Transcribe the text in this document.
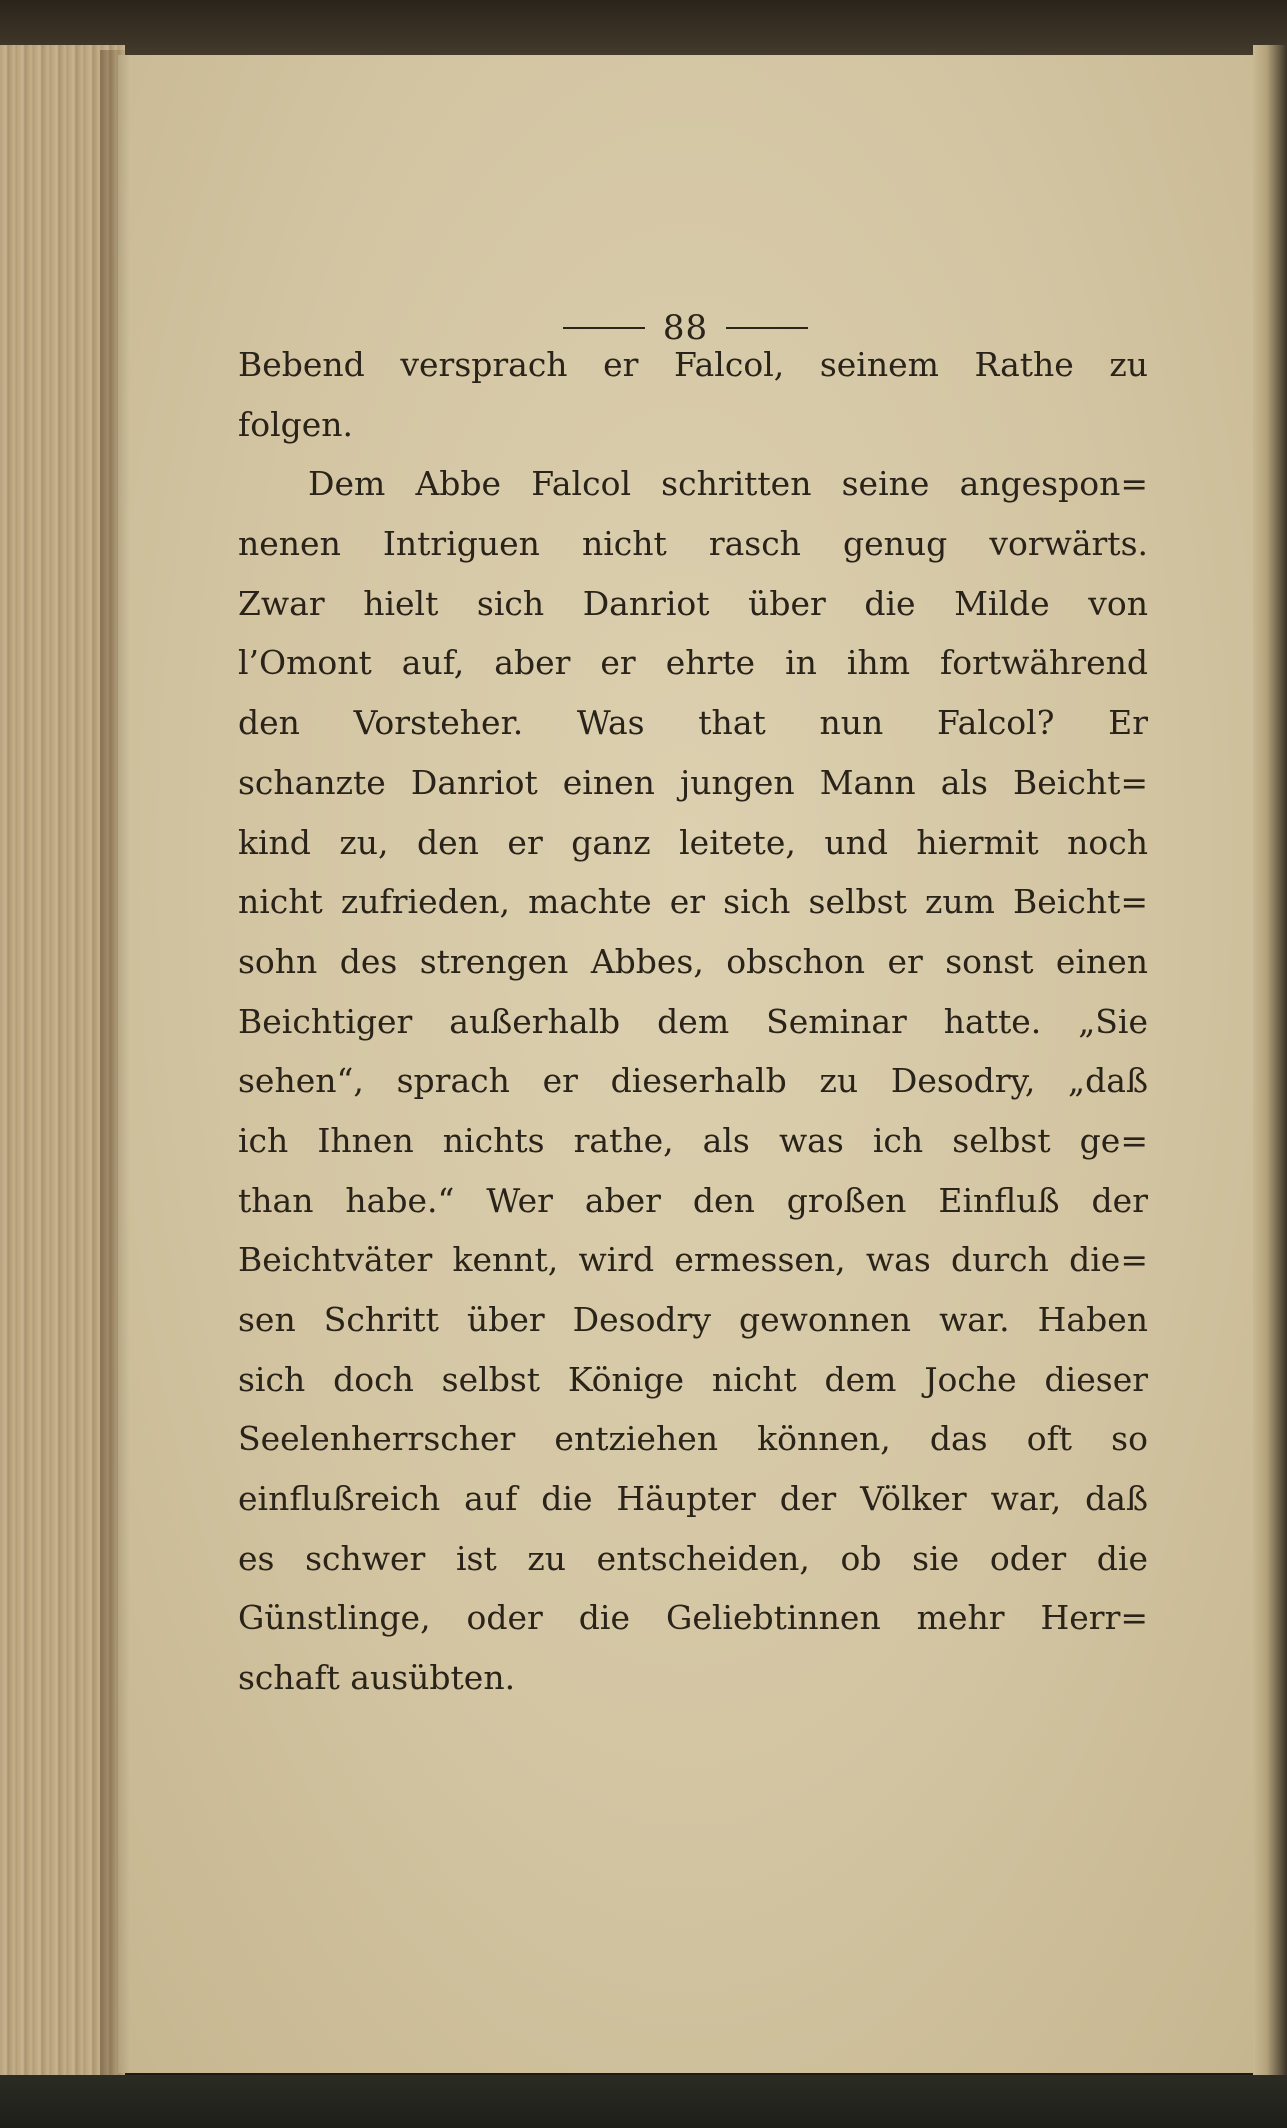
88
Bebend versprach er Falcol, seinem Rathe zu
folgen.
Dem Abbe Falcol schritten seine angespon=
nenen Intriguen nicht rasch genug vorwärts.
Zwar hielt sich Danriot über die Milde von
l’Omont auf, aber er ehrte in ihm fortwährend
den Vorsteher. Was that nun Falcol? Er
schanzte Danriot einen jungen Mann als Beicht=
kind zu, den er ganz leitete, und hiermit noch
nicht zufrieden, machte er sich selbst zum Beicht=
sohn des strengen Abbes, obschon er sonst einen
Beichtiger außerhalb dem Seminar hatte. „Sie
sehen“, sprach er dieserhalb zu Desodry, „daß
ich Ihnen nichts rathe, als was ich selbst ge=
than habe.“ Wer aber den großen Einfluß der
Beichtväter kennt, wird ermessen, was durch die=
sen Schritt über Desodry gewonnen war. Haben
sich doch selbst Könige nicht dem Joche dieser
Seelenherrscher entziehen können, das oft so
einflußreich auf die Häupter der Völker war, daß
es schwer ist zu entscheiden, ob sie oder die
Günstlinge, oder die Geliebtinnen mehr Herr=
schaft ausübten.
